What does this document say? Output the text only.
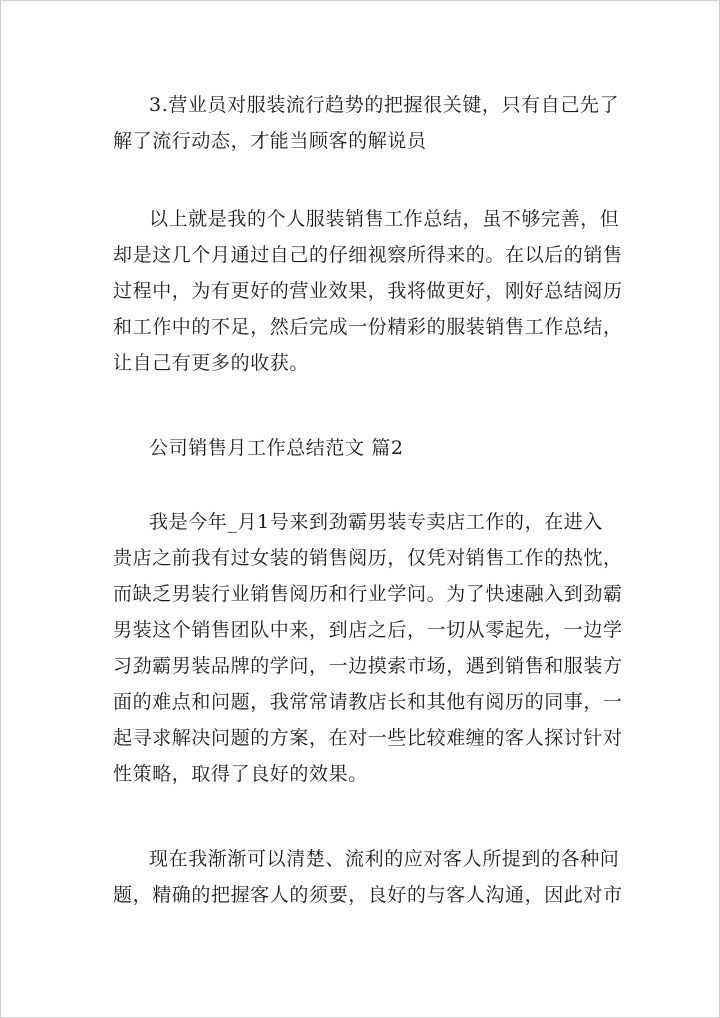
3.营业员对服装流行趋势的把握很关键，只有自己先了
解了流行动态，才能当顾客的解说员
以上就是我的个人服装销售工作总结，虽不够完善，但
却是这几个月通过自己的仔细视察所得来的。在以后的销售
过程中，为有更好的营业效果，我将做更好，刚好总结阅历
和工作中的不足，然后完成一份精彩的服装销售工作总结，
让自己有更多的收获。
公司销售月工作总结范文 篇2
我是今年_月1号来到劲霸男装专卖店工作的，在进入
贵店之前我有过女装的销售阅历，仅凭对销售工作的热忱，
而缺乏男装行业销售阅历和行业学问。为了快速融入到劲霸
男装这个销售团队中来，到店之后，一切从零起先，一边学
习劲霸男装品牌的学问，一边摸索市场，遇到销售和服装方
面的难点和问题，我常常请教店长和其他有阅历的同事，一
起寻求解决问题的方案，在对一些比较难缠的客人探讨针对
性策略，取得了良好的效果。
现在我渐渐可以清楚、流利的应对客人所提到的各种问
题，精确的把握客人的须要，良好的与客人沟通，因此对市
